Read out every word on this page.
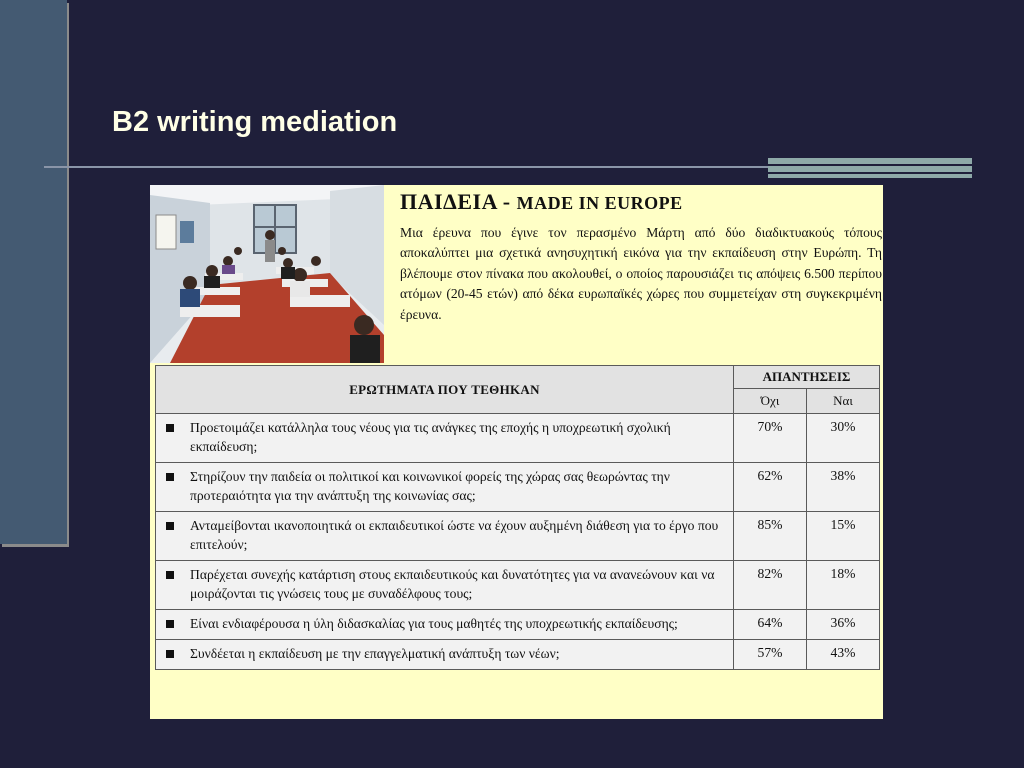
B2 writing mediation
ΠΑΙΔΕΙΑ - MADE IN EUROPE
Μια έρευνα που έγινε τον περασμένο Μάρτη από δύο διαδικτυακούς τόπους αποκαλύπτει μια σχετικά ανησυχητική εικόνα για την εκπαίδευση στην Ευρώπη. Τη βλέπουμε στον πίνακα που ακολουθεί, ο οποίος παρουσιάζει τις απόψεις 6.500 περίπου ατόμων (20-45 ετών) από δέκα ευρωπαϊκές χώρες που συμμετείχαν στη συγκεκριμένη έρευνα.
ΕΡΩΤΗΜΑΤΑ ΠΟΥ ΤΕΘΗΚΑΝ	ΑΠΑΝΤΗΣΕΙΣ	
	Όχι	Ναι

Προετοιμάζει κατάλληλα τους νέους για τις ανάγκες της εποχής η υποχρεωτική σχολική εκπαίδευση;	70%	30%

Στηρίζουν την παιδεία οι πολιτικοί και κοινωνικοί φορείς της χώρας σας θεωρώντας την προτεραιότητα για την ανάπτυξη της κοινωνίας σας;	62%	38%

Ανταμείβονται ικανοποιητικά οι εκπαιδευτικοί ώστε να έχουν αυξημένη διάθεση για το έργο που επιτελούν;	85%	15%

Παρέχεται συνεχής κατάρτιση στους εκπαιδευτικούς και δυνατότητες για να ανανεώνουν και να μοιράζονται τις γνώσεις τους με συναδέλφους τους;	82%	18%

Είναι ενδιαφέρουσα η ύλη διδασκαλίας για τους μαθητές της υποχρεωτικής εκπαίδευσης;	64%	36%

Συνδέεται η εκπαίδευση με την επαγγελματική ανάπτυξη των νέων;	57%	43%
